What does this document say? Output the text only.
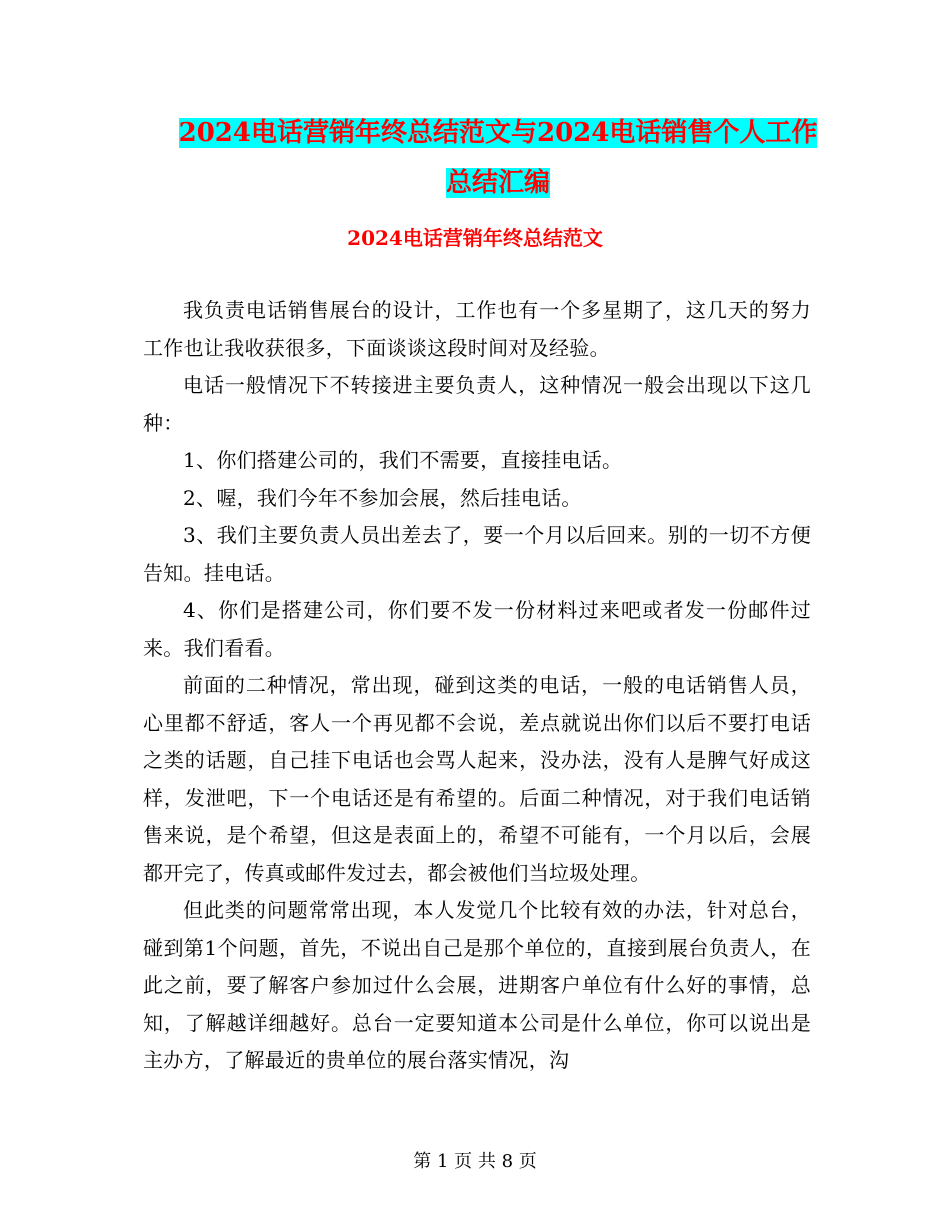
2024电话营销年终总结范文与2024电话销售个人工作
总结汇编
2024电话营销年终总结范文

我负责电话销售展台的设计，工作也有一个多星期了，这几天的努力工作也让我收获很多，下面谈谈这段时间对及经验。

电话一般情况下不转接进主要负责人，这种情况一般会出现以下这几种：

1、你们搭建公司的，我们不需要，直接挂电话。

2、喔，我们今年不参加会展，然后挂电话。

3、我们主要负责人员出差去了，要一个月以后回来。别的一切不方便告知。挂电话。

4、你们是搭建公司，你们要不发一份材料过来吧或者发一份邮件过来。我们看看。

前面的二种情况，常出现，碰到这类的电话，一般的电话销售人员，心里都不舒适，客人一个再见都不会说，差点就说出你们以后不要打电话之类的话题，自己挂下电话也会骂人起来，没办法，没有人是脾气好成这样，发泄吧，下一个电话还是有希望的。后面二种情况，对于我们电话销售来说，是个希望，但这是表面上的，希望不可能有，一个月以后，会展都开完了，传真或邮件发过去，都会被他们当垃圾处理。

但此类的问题常常出现，本人发觉几个比较有效的办法，针对总台，碰到第1个问题，首先，不说出自己是那个单位的，直接到展台负责人，在此之前，要了解客户参加过什么会展，进期客户单位有什么好的事情，总知，了解越详细越好。总台一定要知道本公司是什么单位，你可以说出是主办方，了解最近的贵单位的展台落实情况，沟

第 1 页 共 8 页
